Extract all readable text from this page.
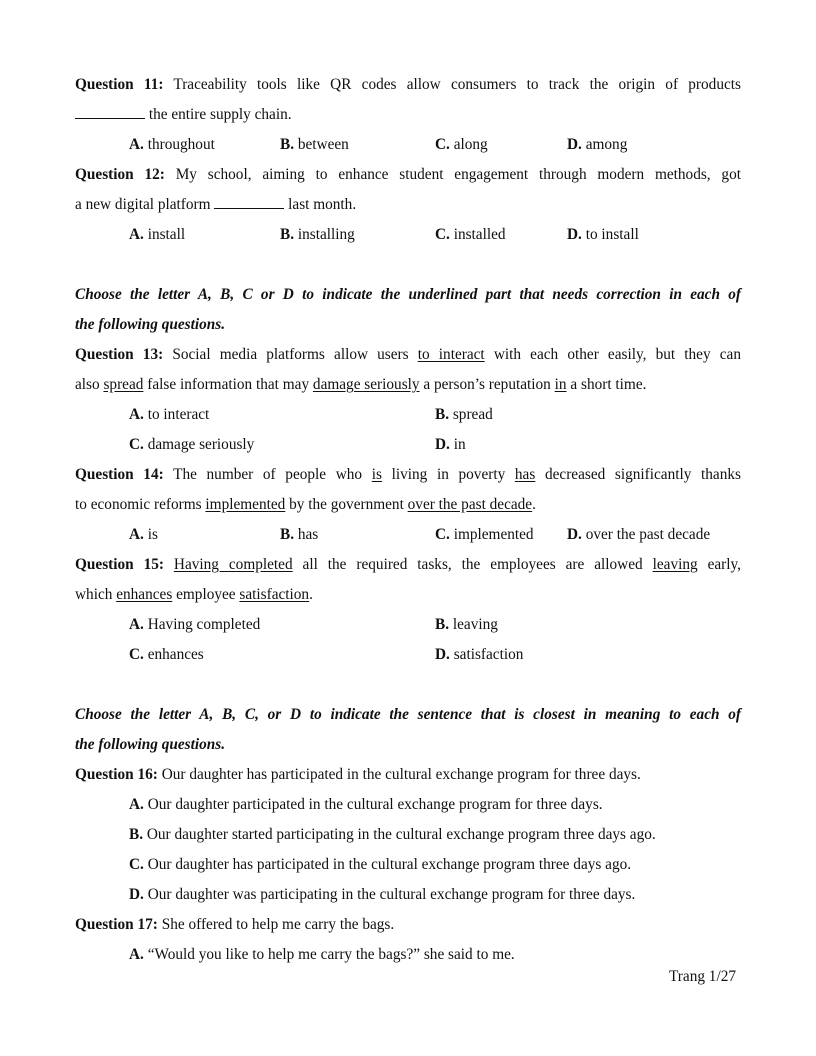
Question 11: Traceability tools like QR codes allow consumers to track the origin of products
the entire supply chain.
A. throughout	B. between	C. along	D. among
Question 12: My school, aiming to enhance student engagement through modern methods, got
a new digital platform	last month.
A. install	B. installing	C. installed	D. to install
Choose the letter A, B, C or D to indicate the underlined part that needs correction in each of
the following questions.
Question 13: Social media platforms allow users to interact with each other easily, but they can
also spread false information that may damage seriously a person’s reputation in a short time.
A. to interact	B. spread
C. damage seriously	D. in
Question 14: The number of people who is living in poverty has decreased significantly thanks
to economic reforms implemented by the government over the past decade.
A. is	B. has	C. implemented D. over the past decade
Question 15: Having completed all the required tasks, the employees are allowed leaving early,
which enhances employee satisfaction.
A. Having completed	B. leaving
C. enhances	D. satisfaction
Choose the letter A, B, C, or D to indicate the sentence that is closest in meaning to each of
the following questions.
Question 16: Our daughter has participated in the cultural exchange program for three days.
A. Our daughter participated in the cultural exchange program for three days.
B. Our daughter started participating in the cultural exchange program three days ago.
C. Our daughter has participated in the cultural exchange program three days ago.
D. Our daughter was participating in the cultural exchange program for three days.
Question 17: She offered to help me carry the bags.
A. “Would you like to help me carry the bags?” she said to me.
Trang 1/27
